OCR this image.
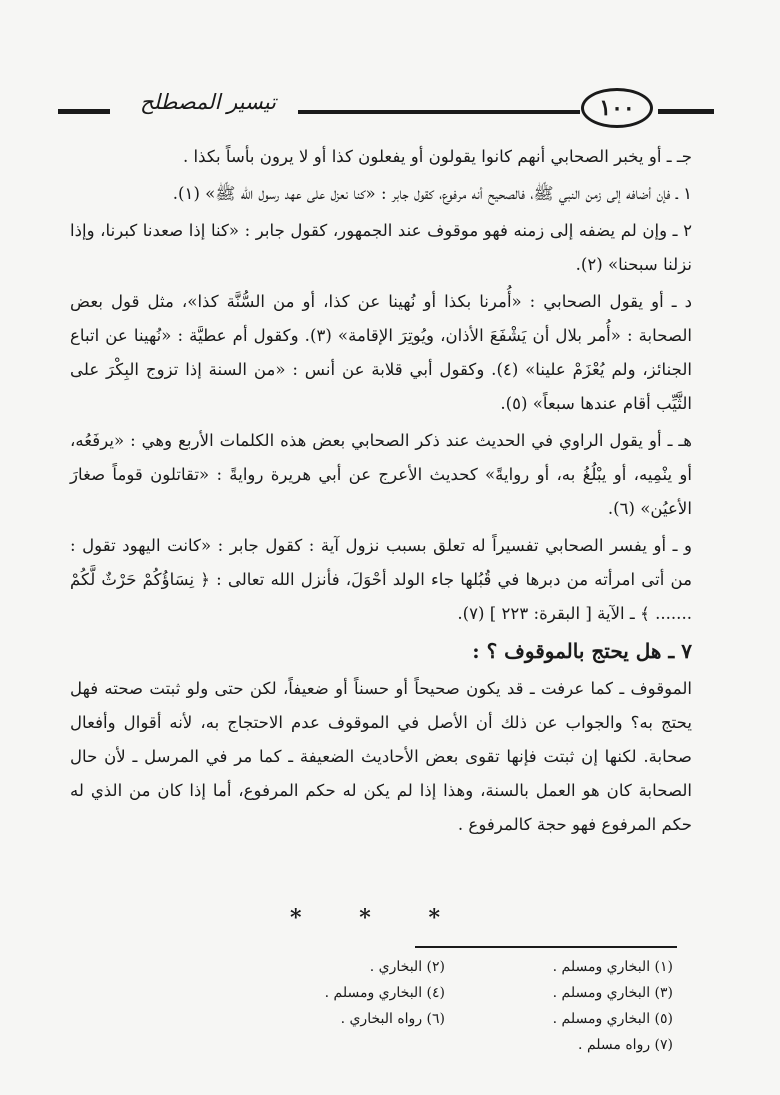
تيسير المصطلح	١٠٠

جـ ـ أو يخبر الصحابي أنهم كانوا يقولون أو يفعلون كذا أو لا يرون بأساً بكذا .

١ ـ فإن أضافه إلى زمن النبي ﷺ، فالصحيح أنه مرفوع، كقول جابر : «كنا نعزل على عهد رسول الله ﷺ» (١).

٢ ـ وإن لم يضفه إلى زمنه فهو موقوف عند الجمهور، كقول جابر : «كنا إذا صعدنا كبرنا، وإذا نزلنا سبحنا» (٢).

د ـ أو يقول الصحابي : «أُمرنا بكذا أو نُهينا عن كذا، أو من السُّنَّة كذا»، مثل قول بعض الصحابة : «أُمر بلال أن يَشْفَعَ الأذان، ويُوتِرَ الإقامة» (٣). وكقول أم عطيَّة : «نُهينا عن اتباع الجنائز، ولم يُعْزَمْ علينا» (٤). وكقول أبي قلابة عن أنس : «من السنة إذا تزوج البِكْرَ على الثَّيِّب أقام عندها سبعاً» (٥).

هـ ـ أو يقول الراوي في الحديث عند ذكر الصحابي بعض هذه الكلمات الأربع وهي : «يرفَعُه، أو ينْمِيه، أو يبْلُغُ به، أو روايةً» كحديث الأعرج عن أبي هريرة روايةً : «تقاتلون قوماً صغارَ الأعيُن» (٦).

و ـ أو يفسر الصحابي تفسيراً له تعلق بسبب نزول آية : كقول جابر : «كانت اليهود تقول : من أتى امرأته من دبرها في قُبُلها جاء الولد أحْوَلَ، فأنزل الله تعالى : ﴿ نِسَاؤُكُمْ حَرْثٌ لَّكُمْ ....... ﴾ ـ الآية [ البقرة: ٢٢٣ ] (٧).

٧ ـ هل يحتج بالموقوف ؟ :

الموقوف ـ كما عرفت ـ قد يكون صحيحاً أو حسناً أو ضعيفاً، لكن حتى ولو ثبتت صحته فهل يحتج به؟ والجواب عن ذلك أن الأصل في الموقوف عدم الاحتجاج به، لأنه أقوال وأفعال صحابة. لكنها إن ثبتت فإنها تقوى بعض الأحاديث الضعيفة ـ كما مر في المرسل ـ لأن حال الصحابة كان هو العمل بالسنة، وهذا إذا لم يكن له حكم المرفوع، أما إذا كان من الذي له حكم المرفوع فهو حجة كالمرفوع .

*	*	*
(١) البخاري ومسلم .
(٢) البخاري .
(٣) البخاري ومسلم .
(٤) البخاري ومسلم .
(٥) البخاري ومسلم .
(٦) رواه البخاري .
(٧) رواه مسلم .
